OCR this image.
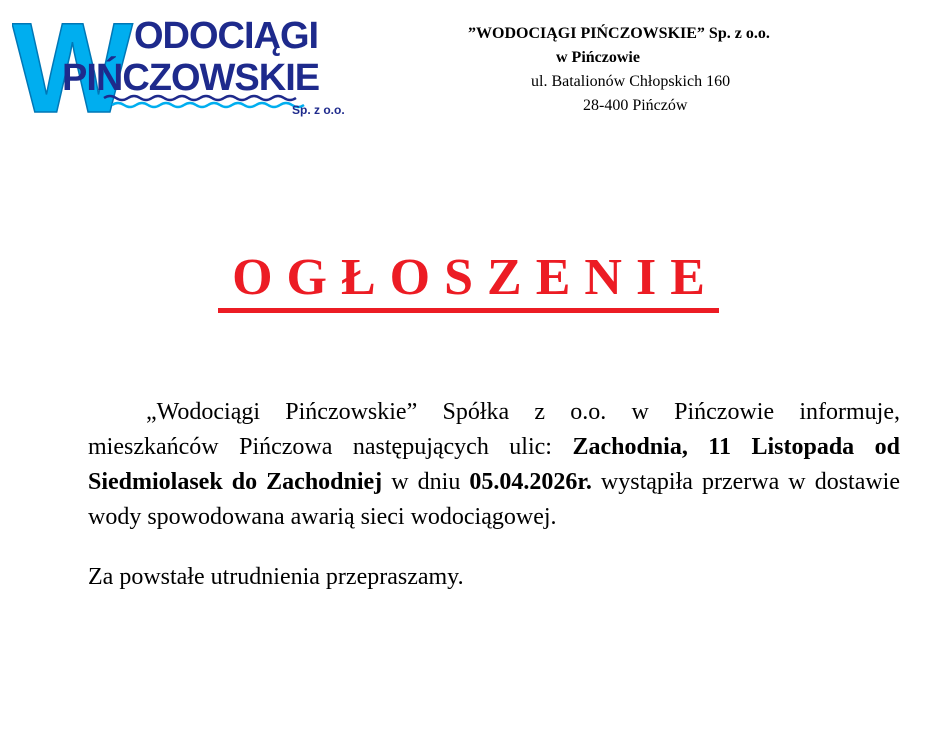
W ODOCIĄGI
PIŃCZOWSKIE
Sp. z o.o.
”WODOCIĄGI PIŃCZOWSKIE” Sp. z o.o.
w Pińczowie
ul. Batalionów Chłopskich 160
28-400 Pińczów
OGŁOSZENIE

„Wodociągi Pińczowskie” Spółka z o.o. w Pińczowie informuje, mieszkańców Pińczowa następujących ulic: Zachodnia, 11 Listopada od Siedmiolasek do Zachodniej w dniu 05.04.2026r. wystąpiła przerwa w dostawie wody spowodowana awarią sieci wodociągowej.

Za powstałe utrudnienia przepraszamy.
